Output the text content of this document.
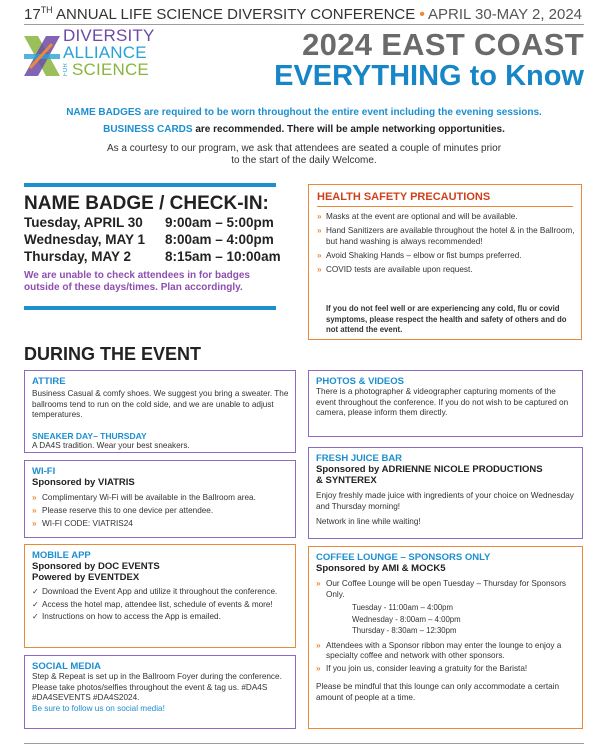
17TH ANNUAL LIFE SCIENCE DIVERSITY CONFERENCE • APRIL 30-MAY 2, 2024
DIVERSITY
ALLIANCE
FOR SCIENCE
2024 EAST COAST
EVERYTHING to Know
NAME BADGES are required to be worn throughout the entire event including the evening sessions.
BUSINESS CARDS are recommended. There will be ample networking opportunities.
As a courtesy to our program, we ask that attendees are seated a couple of minutes prior
to the start of the daily Welcome.
NAME BADGE / CHECK-IN:
Tuesday, APRIL 30 9:00am – 5:00pm
Wednesday, MAY 1 8:00am – 4:00pm
Thursday, MAY 2	8:15am – 10:00am
We are unable to check attendees in for badges outside of these days/times. Plan accordingly.
HEALTH SAFETY PRECAUTIONS
» Masks at the event are optional and will be available.
» Hand Sanitizers are available throughout the hotel & in the Ballroom, but hand washing is always recommended!
» Avoid Shaking Hands – elbow or fist bumps preferred.
» COVID tests are available upon request.
If you do not feel well or are experiencing any cold, flu or covid symptoms, please respect the health and safety of others and do not attend the event.
DURING THE EVENT
ATTIRE
Business Casual & comfy shoes. We suggest you bring a sweater. The ballrooms tend to run on the cold side, and we are unable to adjust temperatures.
SNEAKER DAY– THURSDAY
A DA4S tradition. Wear your best sneakers.
WI-FI
Sponsored by VIATRIS
» Complimentary Wi-Fi will be available in the Ballroom area.
» Please reserve this to one device per attendee.
» WI-FI CODE: VIATRIS24
MOBILE APP
Sponsored by DOC EVENTS
Powered by EVENTDEX
✓ Download the Event App and utilize it throughout the conference.
✓ Access the hotel map, attendee list, schedule of events & more!
✓ Instructions on how to access the App is emailed.
SOCIAL MEDIA
Step & Repeat is set up in the Ballroom Foyer during the conference. Please take photos/selfies throughout the event & tag us. #DA4S #DA4SEVENTS #DA4S2024.
Be sure to follow us on social media!
PHOTOS & VIDEOS
There is a photographer & videographer capturing moments of the event throughout the conference. If you do not wish to be captured on camera, please inform them directly.
FRESH JUICE BAR
Sponsored by ADRIENNE NICOLE PRODUCTIONS
& SYNTEREX
Enjoy freshly made juice with ingredients of your choice on Wednesday and Thursday morning!
Network in line while waiting!
COFFEE LOUNGE – SPONSORS ONLY
Sponsored by AMI & MOCK5
» Our Coffee Lounge will be open Tuesday – Thursday for Sponsors Only.
Tuesday - 11:00am – 4:00pm
Wednesday - 8:00am – 4:00pm
Thursday - 8:30am – 12:30pm
» Attendees with a Sponsor ribbon may enter the lounge to enjoy a specialty coffee and network with other sponsors.
» If you join us, consider leaving a gratuity for the Barista!
Please be mindful that this lounge can only accommodate a certain amount of people at a time.
